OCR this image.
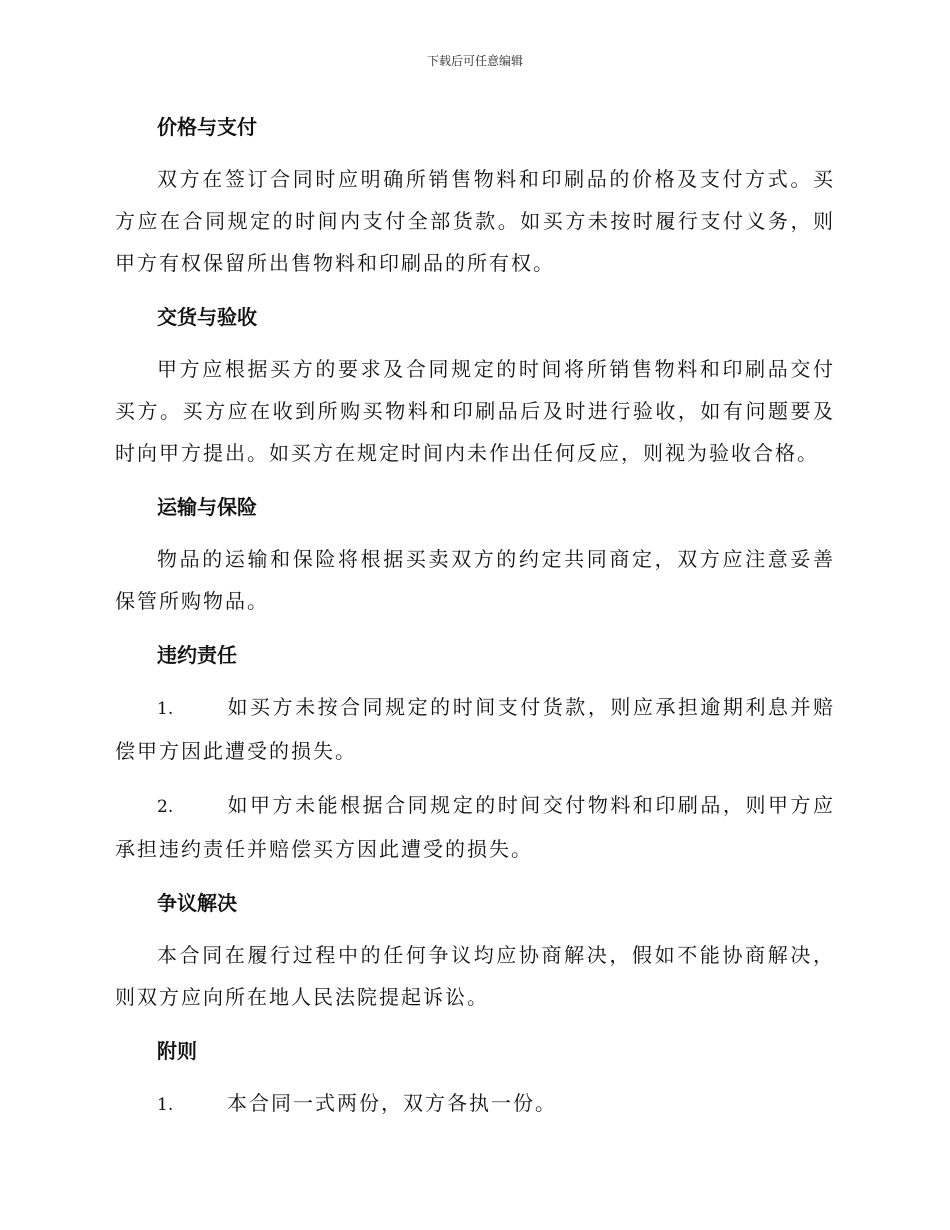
下载后可任意编辑
价格与支付

双方在签订合同时应明确所销售物料和印刷品的价格及支付方式。买方应在合同规定的时间内支付全部货款。如买方未按时履行支付义务，则甲方有权保留所出售物料和印刷品的所有权。

交货与验收

甲方应根据买方的要求及合同规定的时间将所销售物料和印刷品交付买方。买方应在收到所购买物料和印刷品后及时进行验收，如有问题要及时向甲方提出。如买方在规定时间内未作出任何反应，则视为验收合格。

运输与保险

物品的运输和保险将根据买卖双方的约定共同商定，双方应注意妥善保管所购物品。

违约责任

1.	如买方未按合同规定的时间支付货款，则应承担逾期利息并赔偿甲方因此遭受的损失。

2.	如甲方未能根据合同规定的时间交付物料和印刷品，则甲方应承担违约责任并赔偿买方因此遭受的损失。

争议解决

本合同在履行过程中的任何争议均应协商解决，假如不能协商解决，则双方应向所在地人民法院提起诉讼。

附则

1.	本合同一式两份，双方各执一份。
